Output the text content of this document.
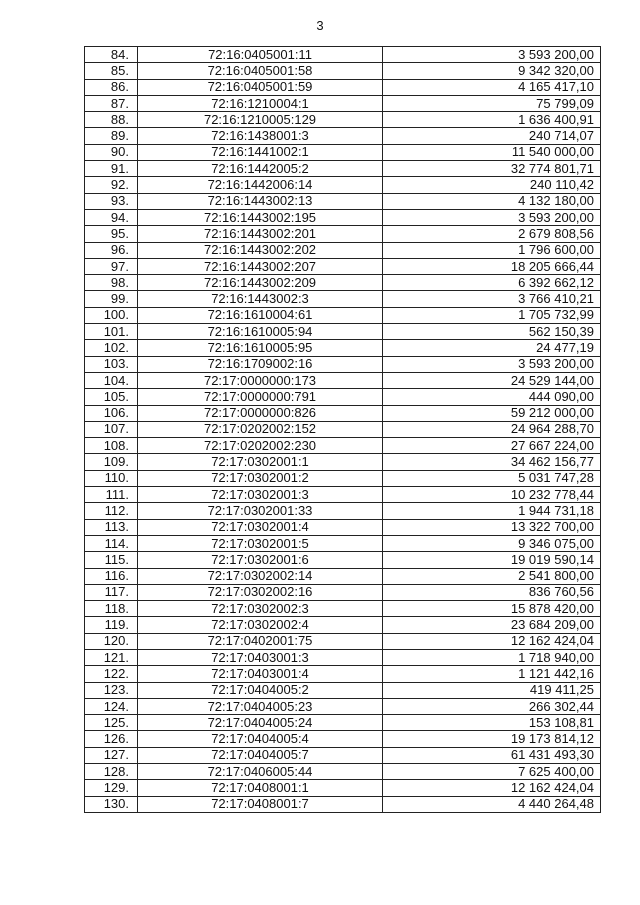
3
84.	72:16:0405001:11	3 593 200,00
85.	72:16:0405001:58	9 342 320,00
86.	72:16:0405001:59	4 165 417,10
87.	72:16:1210004:1	75 799,09
88.	72:16:1210005:129	1 636 400,91
89.	72:16:1438001:3	240 714,07
90.	72:16:1441002:1	11 540 000,00
91.	72:16:1442005:2	32 774 801,71
92.	72:16:1442006:14	240 110,42
93.	72:16:1443002:13	4 132 180,00
94.	72:16:1443002:195	3 593 200,00
95.	72:16:1443002:201	2 679 808,56
96.	72:16:1443002:202	1 796 600,00
97.	72:16:1443002:207	18 205 666,44
98.	72:16:1443002:209	6 392 662,12
99.	72:16:1443002:3	3 766 410,21
100.	72:16:1610004:61	1 705 732,99
101.	72:16:1610005:94	562 150,39
102.	72:16:1610005:95	24 477,19
103.	72:16:1709002:16	3 593 200,00
104.	72:17:0000000:173	24 529 144,00
105.	72:17:0000000:791	444 090,00
106.	72:17:0000000:826	59 212 000,00
107.	72:17:0202002:152	24 964 288,70
108.	72:17:0202002:230	27 667 224,00
109.	72:17:0302001:1	34 462 156,77
110.	72:17:0302001:2	5 031 747,28
111.	72:17:0302001:3	10 232 778,44
112.	72:17:0302001:33	1 944 731,18
113.	72:17:0302001:4	13 322 700,00
114.	72:17:0302001:5	9 346 075,00
115.	72:17:0302001:6	19 019 590,14
116.	72:17:0302002:14	2 541 800,00
117.	72:17:0302002:16	836 760,56
118.	72:17:0302002:3	15 878 420,00
119.	72:17:0302002:4	23 684 209,00
120.	72:17:0402001:75	12 162 424,04
121.	72:17:0403001:3	1 718 940,00
122.	72:17:0403001:4	1 121 442,16
123.	72:17:0404005:2	419 411,25
124.	72:17:0404005:23	266 302,44
125.	72:17:0404005:24	153 108,81
126.	72:17:0404005:4	19 173 814,12
127.	72:17:0404005:7	61 431 493,30
128.	72:17:0406005:44	7 625 400,00
129.	72:17:0408001:1	12 162 424,04
130.	72:17:0408001:7	4 440 264,48
